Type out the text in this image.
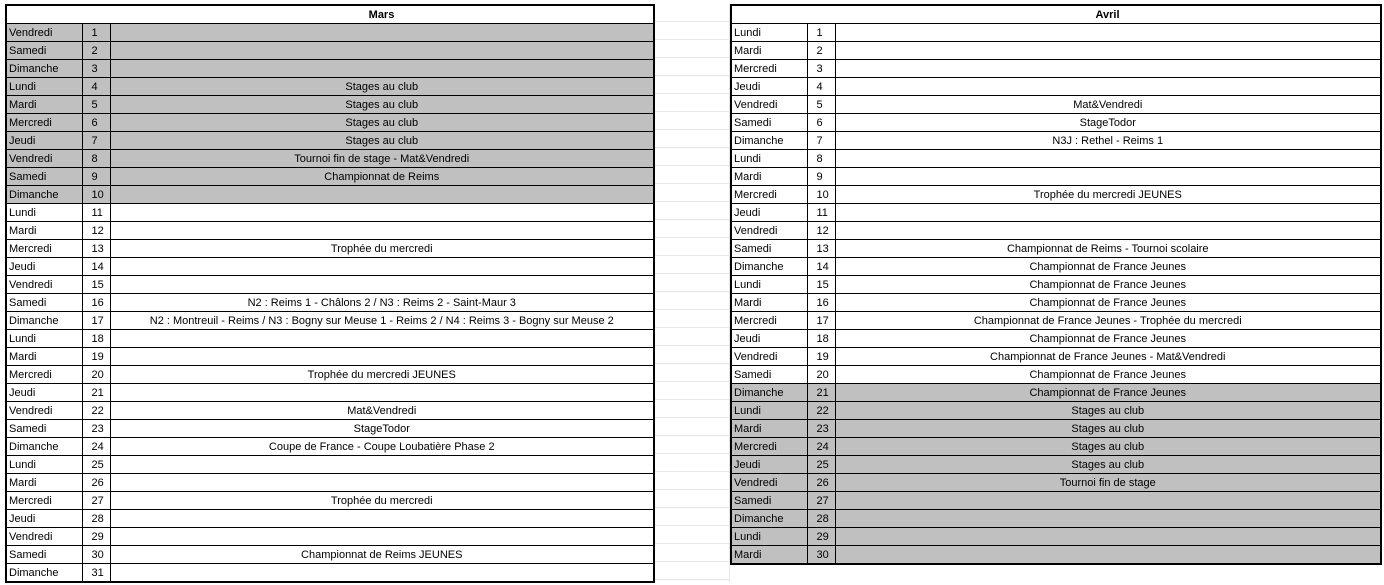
		Mars
Vendredi	1	
Samedi	2	
Dimanche	3	
Lundi	4	Stages au club
Mardi	5	Stages au club
Mercredi	6	Stages au club
Jeudi	7	Stages au club
Vendredi	8	Tournoi fin de stage - Mat&Vendredi
Samedi	9	Championnat de Reims
Dimanche	10	
Lundi	11	
Mardi	12	
Mercredi	13	Trophée du mercredi
Jeudi	14	
Vendredi	15	
Samedi	16	N2 : Reims 1 - Châlons 2 / N3 : Reims 2 - Saint-Maur 3
Dimanche	17	N2 : Montreuil - Reims / N3 : Bogny sur Meuse 1 - Reims 2 / N4 : Reims 3 - Bogny sur Meuse 2
Lundi	18	
Mardi	19	
Mercredi	20	Trophée du mercredi JEUNES
Jeudi	21	
Vendredi	22	Mat&Vendredi
Samedi	23	StageTodor
Dimanche	24	Coupe de France - Coupe Loubatière Phase 2
Lundi	25	
Mardi	26	
Mercredi	27	Trophée du mercredi
Jeudi	28	
Vendredi	29	
Samedi	30	Championnat de Reims JEUNES
Dimanche	31	
		Avril
Lundi	1	
Mardi	2	
Mercredi	3	
Jeudi	4	
Vendredi	5	Mat&Vendredi
Samedi	6	StageTodor
Dimanche	7	N3J : Rethel - Reims 1
Lundi	8	
Mardi	9	
Mercredi	10	Trophée du mercredi JEUNES
Jeudi	11	
Vendredi	12	
Samedi	13	Championnat de Reims - Tournoi scolaire
Dimanche	14	Championnat de France Jeunes
Lundi	15	Championnat de France Jeunes
Mardi	16	Championnat de France Jeunes
Mercredi	17	Championnat de France Jeunes - Trophée du mercredi
Jeudi	18	Championnat de France Jeunes
Vendredi	19	Championnat de France Jeunes - Mat&Vendredi
Samedi	20	Championnat de France Jeunes
Dimanche	21	Championnat de France Jeunes
Lundi	22	Stages au club
Mardi	23	Stages au club
Mercredi	24	Stages au club
Jeudi	25	Stages au club
Vendredi	26	Tournoi fin de stage
Samedi	27	
Dimanche	28	
Lundi	29	
Mardi	30	
